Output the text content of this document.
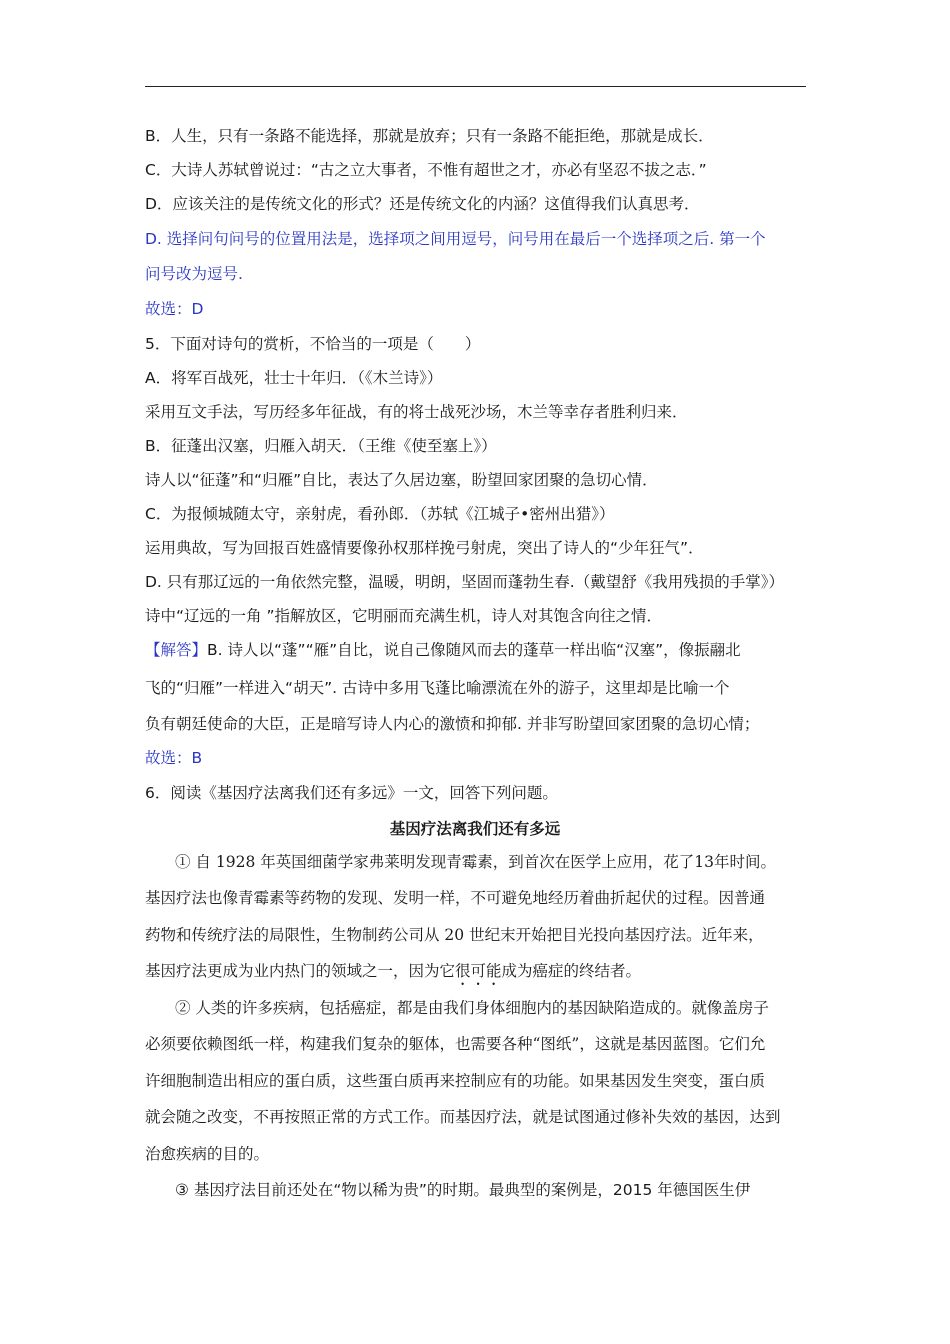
B．人生，只有一条路不能选择，那就是放弃；只有一条路不能拒绝，那就是成长．
C．大诗人苏轼曾说过：“古之立大事者，不惟有超世之才，亦必有坚忍不拔之志．”
D．应该关注的是传统文化的形式？还是传统文化的内涵？这值得我们认真思考．
D. 选择问句问号的位置用法是，选择项之间用逗号，问号用在最后一个选择项之后. 第一个
问号改为逗号.
故选：D
5．下面对诗句的赏析，不恰当的一项是（　　）
A．将军百战死，壮士十年归．（《木兰诗》）
采用互文手法，写历经多年征战，有的将士战死沙场，木兰等幸存者胜利归来．
B．征蓬出汉塞，归雁入胡天．（王维《使至塞上》）
诗人以“征蓬”和“归雁”自比，表达了久居边塞，盼望回家团聚的急切心情．
C．为报倾城随太守，亲射虎，看孙郎．（苏轼《江城子•密州出猎》）
运用典故，写为回报百姓盛情要像孙权那样挽弓射虎，突出了诗人的“少年狂气”．
D. 只有那辽远的一角依然完整，温暖，明朗，坚固而蓬勃生春.（戴望舒《我用残损的手掌》）
诗中“辽远的一角 ”指解放区，它明丽而充满生机，诗人对其饱含向往之情．
【解答】B. 诗人以“蓬”“雁”自比，说自己像随风而去的蓬草一样出临“汉塞”，像振翮北
飞的“归雁”一样进入“胡天”. 古诗中多用飞蓬比喻漂流在外的游子，这里却是比喻一个
负有朝廷使命的大臣，正是暗写诗人内心的激愤和抑郁. 并非写盼望回家团聚的急切心情；
故选：B
6．阅读《基因疗法离我们还有多远》一文，回答下列问题。
基因疗法离我们还有多远
① 自 1928 年英国细菌学家弗莱明发现青霉素，到首次在医学上应用，花了13年时间。
基因疗法也像青霉素等药物的发现、发明一样，不可避免地经历着曲折起伏的过程。因普通
药物和传统疗法的局限性，生物制药公司从 20 世纪末开始把目光投向基因疗法。近年来，
基因疗法更成为业内热门的领域之一，因为它很可能成为癌症的终结者。
② 人类的许多疾病，包括癌症，都是由我们身体细胞内的基因缺陷造成的。就像盖房子
必须要依赖图纸一样，构建我们复杂的躯体，也需要各种“图纸”，这就是基因蓝图。它们允
许细胞制造出相应的蛋白质，这些蛋白质再来控制应有的功能。如果基因发生突变，蛋白质
就会随之改变，不再按照正常的方式工作。而基因疗法，就是试图通过修补失效的基因，达到
治愈疾病的目的。
③ 基因疗法目前还处在“物以稀为贵”的时期。最典型的案例是，2015 年德国医生伊
